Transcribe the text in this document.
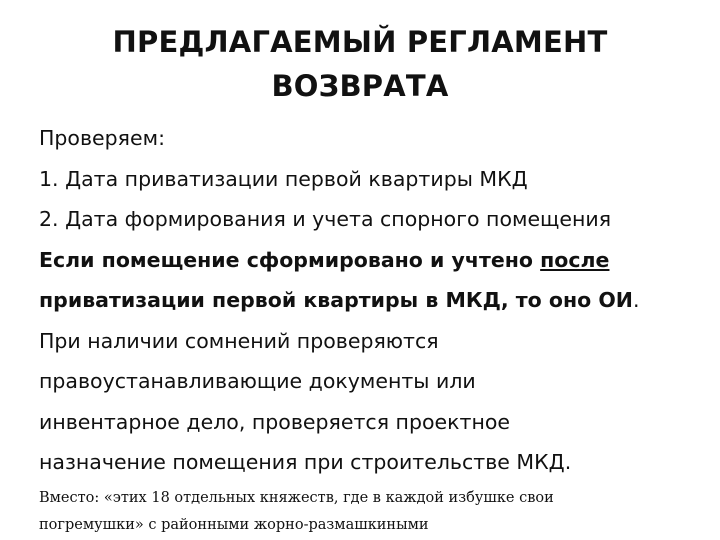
ПРЕДЛАГАЕМЫЙ РЕГЛАМЕНТ
ВОЗВРАТА
Проверяем:
1. Дата приватизации первой квартиры МКД
2. Дата формирования и учета спорного помещения
Если помещение сформировано и учтено после
приватизации первой квартиры в МКД, то оно ОИ.
При наличии сомнений проверяются
правоустанавливающие документы или
инвентарное дело, проверяется проектное
назначение помещения при строительстве МКД.
Вместо: «этих 18 отдельных княжеств, где в каждой избушке свои
погремушки» с районными жорно-размашкиными
